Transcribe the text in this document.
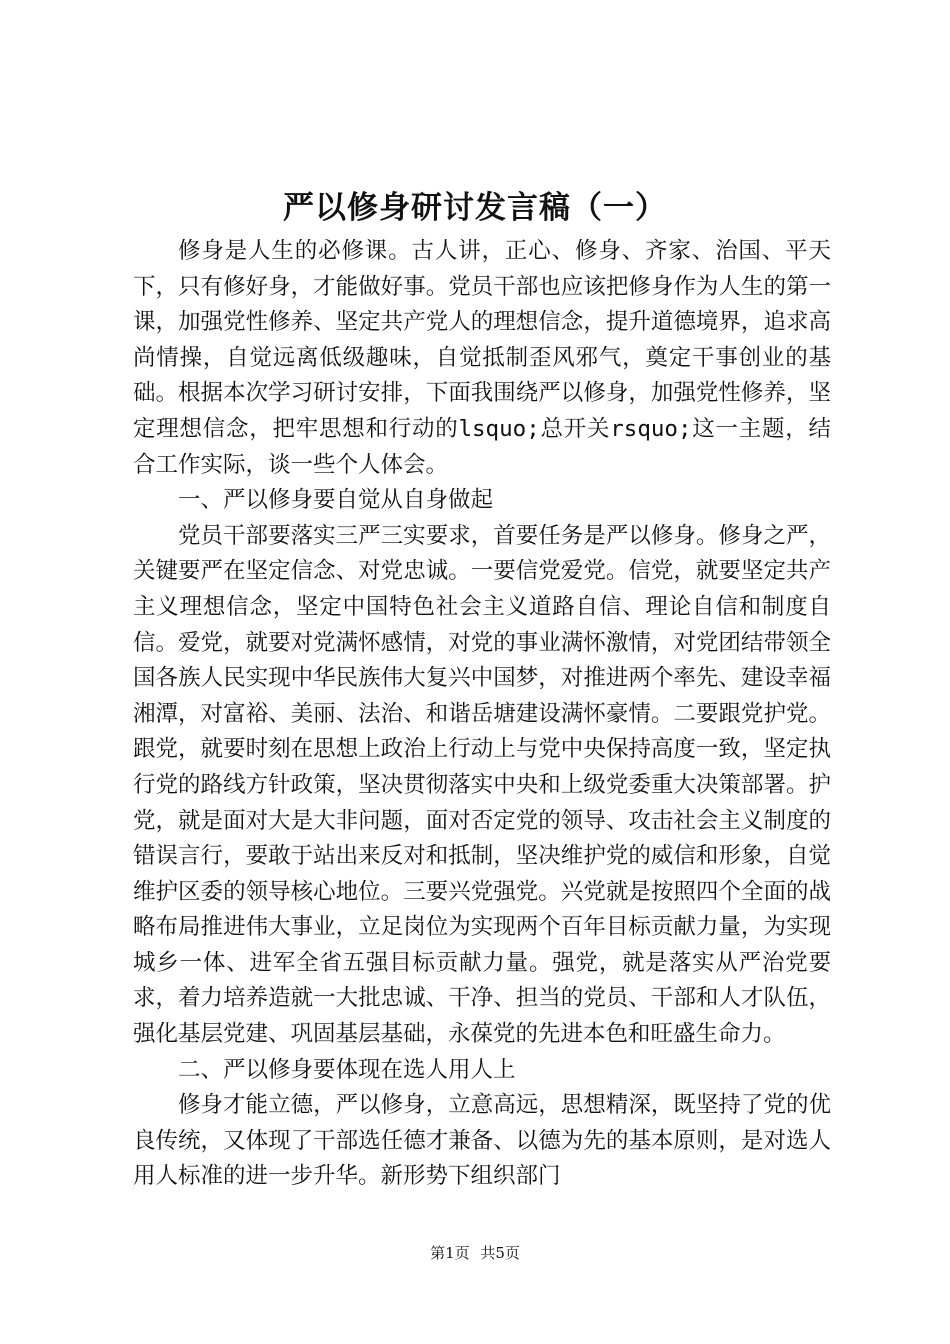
严以修身研讨发言稿（一）

修身是人生的必修课。古人讲，正心、修身、齐家、治国、平天下，只有修好身，才能做好事。党员干部也应该把修身作为人生的第一课，加强党性修养、坚定共产党人的理想信念，提升道德境界，追求高尚情操，自觉远离低级趣味，自觉抵制歪风邪气，奠定干事创业的基础。根据本次学习研讨安排，下面我围绕严以修身，加强党性修养，坚定理想信念，把牢思想和行动的lsquo;总开关rsquo;这一主题，结合工作实际，谈一些个人体会。

一、严以修身要自觉从自身做起

党员干部要落实三严三实要求，首要任务是严以修身。修身之严，关键要严在坚定信念、对党忠诚。一要信党爱党。信党，就要坚定共产主义理想信念，坚定中国特色社会主义道路自信、理论自信和制度自信。爱党，就要对党满怀感情，对党的事业满怀激情，对党团结带领全国各族人民实现中华民族伟大复兴中国梦，对推进两个率先、建设幸福湘潭，对富裕、美丽、法治、和谐岳塘建设满怀豪情。二要跟党护党。跟党，就要时刻在思想上政治上行动上与党中央保持高度一致，坚定执行党的路线方针政策，坚决贯彻落实中央和上级党委重大决策部署。护党，就是面对大是大非问题，面对否定党的领导、攻击社会主义制度的错误言行，要敢于站出来反对和抵制，坚决维护党的威信和形象，自觉维护区委的领导核心地位。三要兴党强党。兴党就是按照四个全面的战略布局推进伟大事业，立足岗位为实现两个百年目标贡献力量，为实现城乡一体、进军全省五强目标贡献力量。强党，就是落实从严治党要求，着力培养造就一大批忠诚、干净、担当的党员、干部和人才队伍，强化基层党建、巩固基层基础，永葆党的先进本色和旺盛生命力。

二、严以修身要体现在选人用人上

修身才能立德，严以修身，立意高远，思想精深，既坚持了党的优良传统，又体现了干部选任德才兼备、以德为先的基本原则，是对选人用人标准的进一步升华。新形势下组织部门

第1页 共5页
